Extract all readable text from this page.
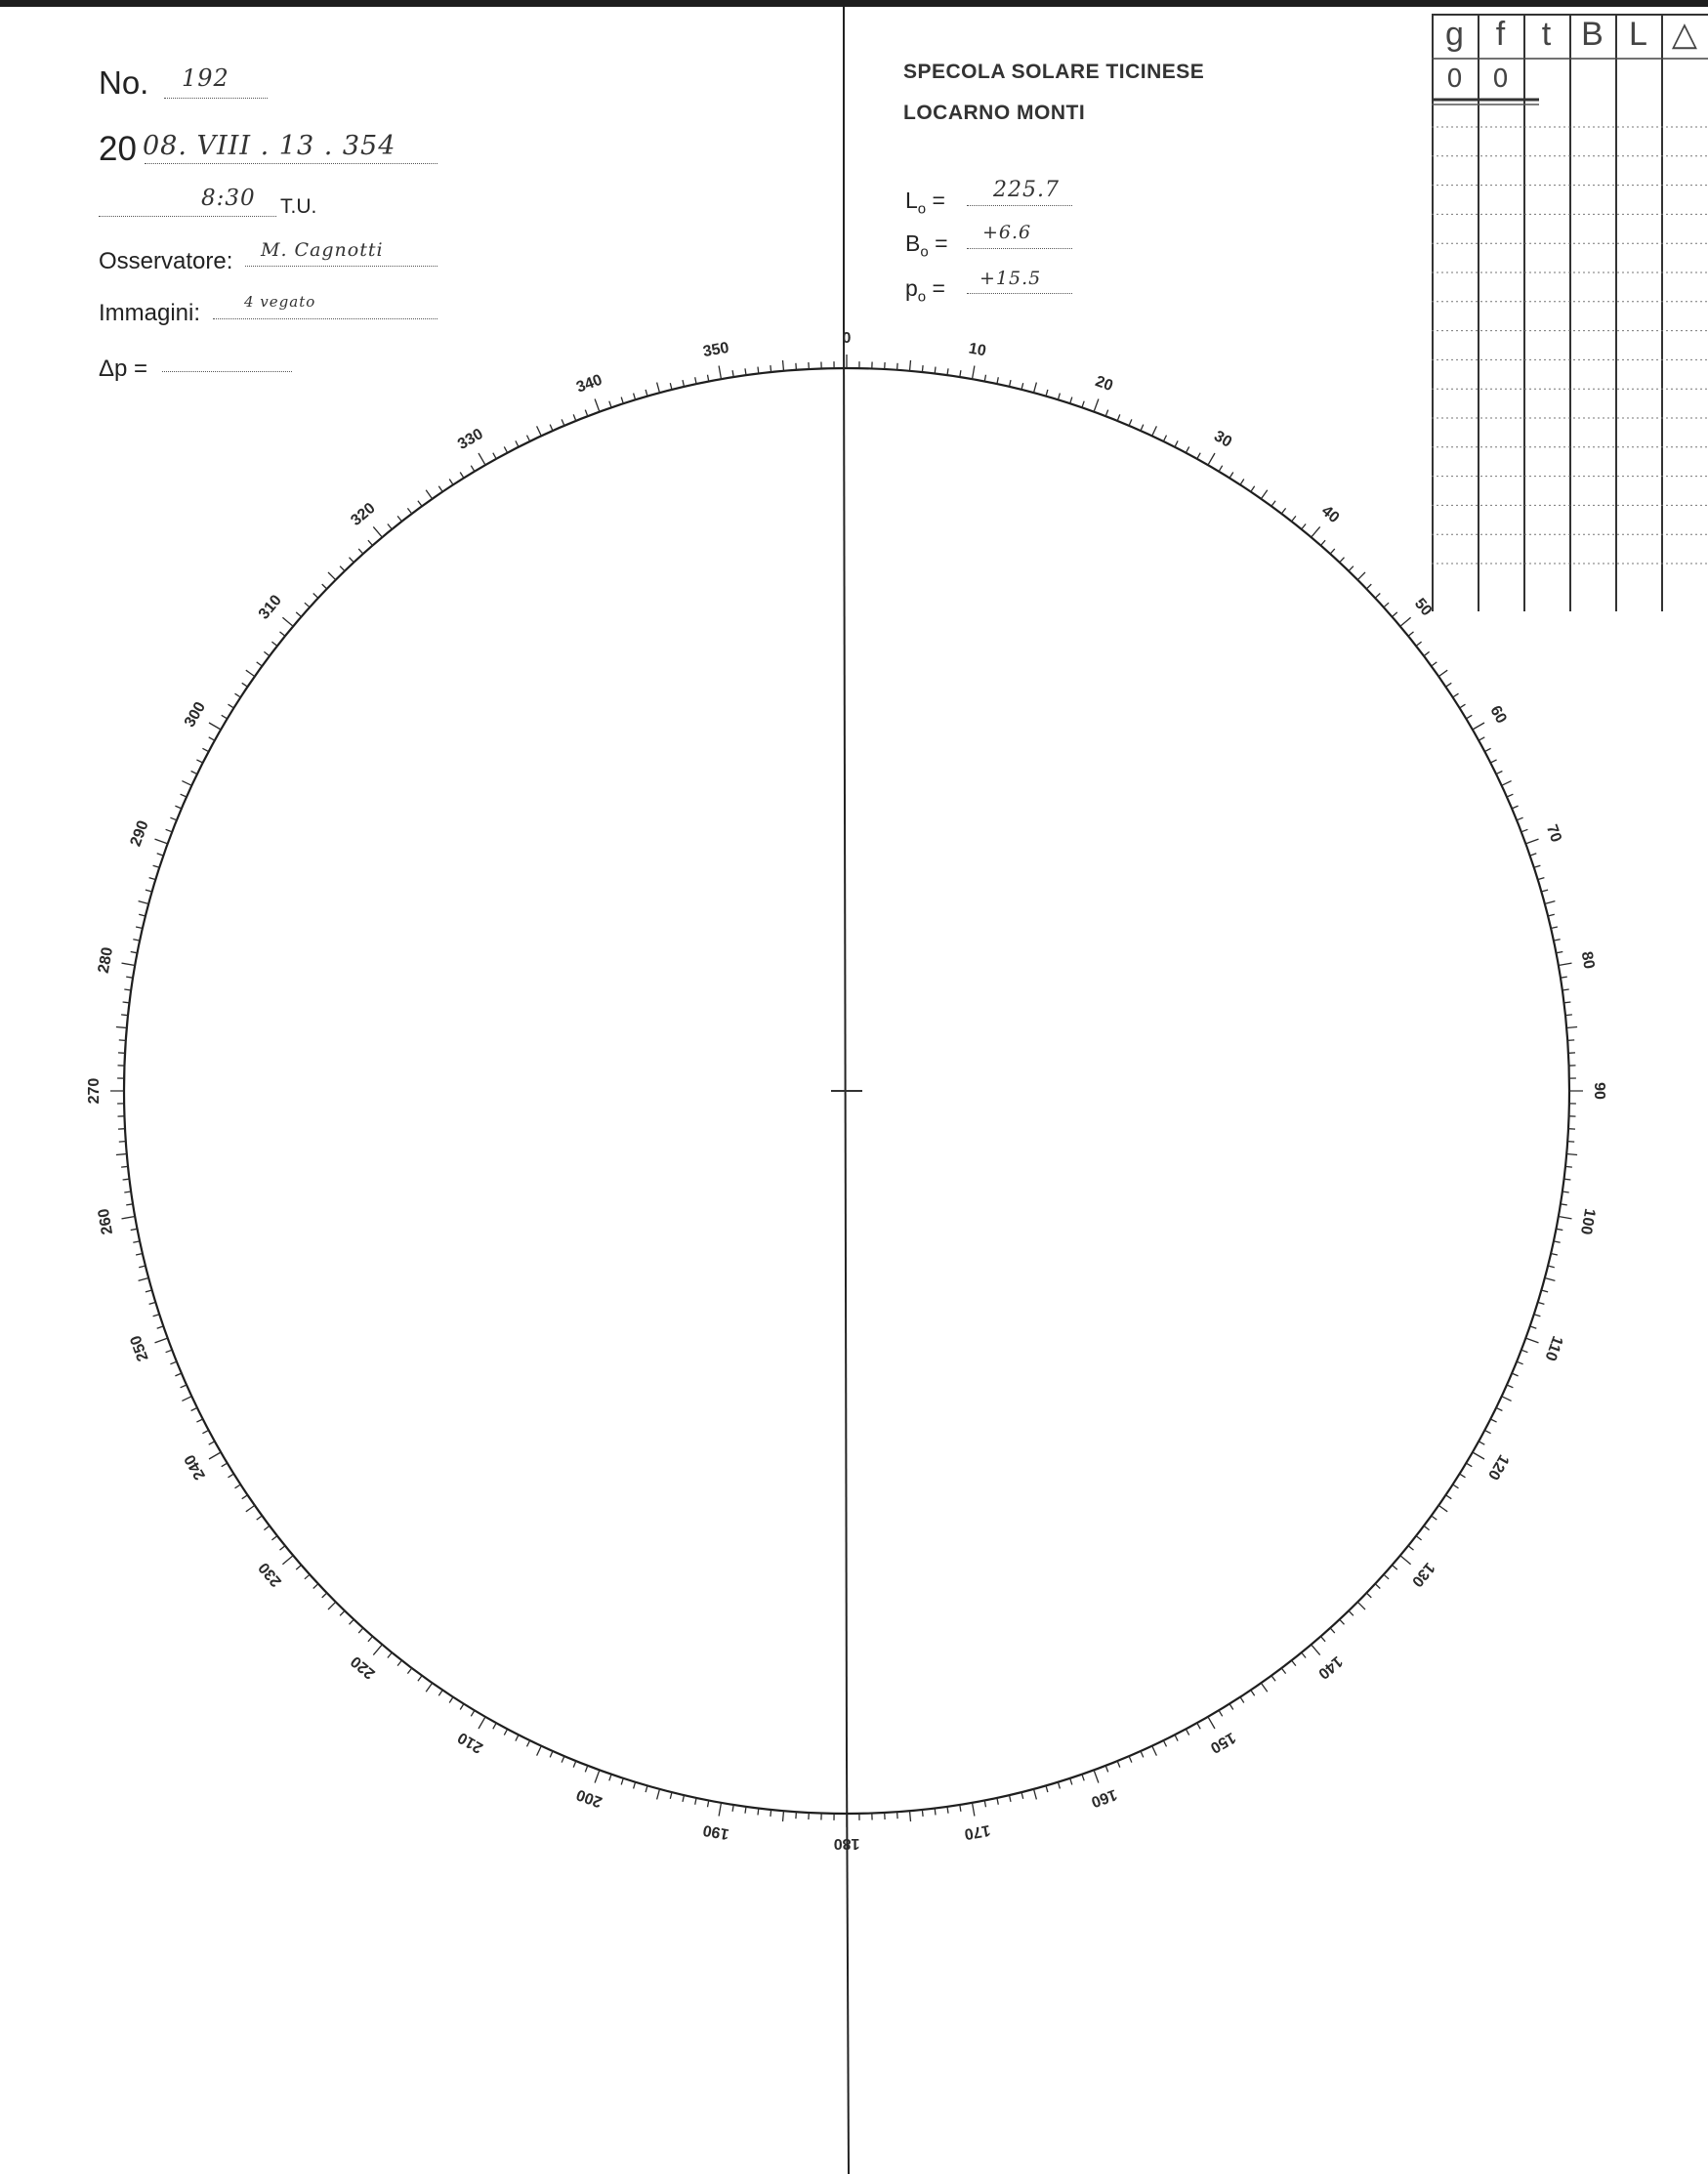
No. 192
20 08. VIII . 13 . 354
8:30 T.U.
Osservatore: M. Cagnotti
Immagini:	4 vegato
Δp =
SPECOLA SOLARE TICINESE
LOCARNO MONTI
$L_o = 225.7$
$B_o = +6.6$
$p_o = +15.5$
0
10
20
30
40
50
60
70
80
90
100
110
120
130
140
150
160
170
180
190
200
210
220
230
240
250
260
270
280
290
300
310
320
330
340
350
g
0
f
0
t B L △
